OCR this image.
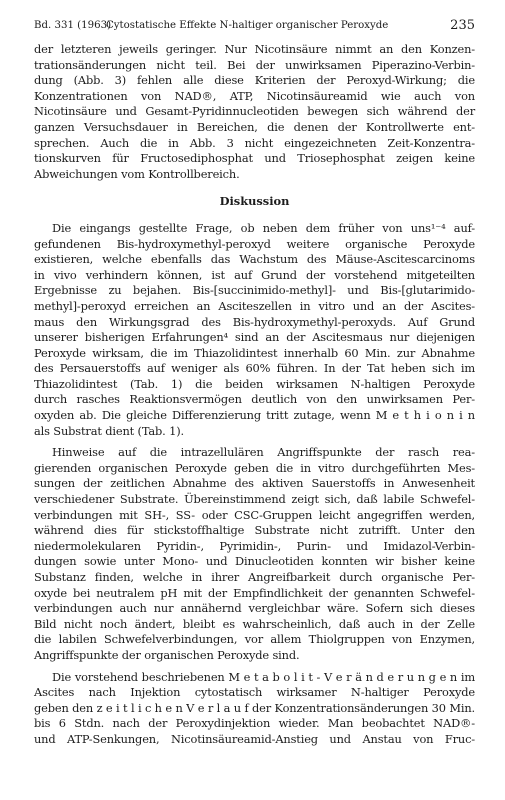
Bd. 331 (1963)
Cytostatische Effekte N-haltiger organischer Peroxyde	235
der letzteren jeweils geringer. Nur Nicotinsäure nimmt an den Konzen-
trationsänderungen nicht teil. Bei der unwirksamen Piperazino-Verbin-
dung (Abb. 3) fehlen alle diese Kriterien der Peroxyd-Wirkung; die
Konzentrationen von NAD®, ATP, Nicotinsäureamid wie auch von
Nicotinsäure und Gesamt-Pyridinnucleotiden bewegen sich während der
ganzen Versuchsdauer in Bereichen, die denen der Kontrollwerte ent-
sprechen. Auch die in Abb. 3 nicht eingezeichneten Zeit-Konzentra-
tionskurven für Fructosediphosphat und Triosephosphat zeigen keine
Abweichungen vom Kontrollbereich.
Diskussion
Die eingangs gestellte Frage, ob neben dem früher von uns¹⁻⁴ auf-
gefundenen Bis-hydroxymethyl-peroxyd weitere organische Peroxyde
existieren, welche ebenfalls das Wachstum des Mäuse-Ascitescarcinoms
in vivo verhindern können, ist auf Grund der vorstehend mitgeteilten
Ergebnisse zu bejahen. Bis-[succinimido-methyl]- und Bis-[glutarimido-
methyl]-peroxyd erreichen an Asciteszellen in vitro und an der Ascites-
maus den Wirkungsgrad des Bis-hydroxymethyl-peroxyds. Auf Grund
unserer bisherigen Erfahrungen⁴ sind an der Ascitesmaus nur diejenigen
Peroxyde wirksam, die im Thiazolidintest innerhalb 60 Min. zur Abnahme
des Persauerstoffs auf weniger als 60% führen. In der Tat heben sich im
Thiazolidintest (Tab. 1) die beiden wirksamen N-haltigen Peroxyde
durch rasches Reaktionsvermögen deutlich von den unwirksamen Per-
oxyden ab. Die gleiche Differenzierung tritt zutage, wenn M e t h i o n i n
als Substrat dient (Tab. 1).
Hinweise auf die intrazellulären Angriffspunkte der rasch rea-
gierenden organischen Peroxyde geben die in vitro durchgeführten Mes-
sungen der zeitlichen Abnahme des aktiven Sauerstoffs in Anwesenheit
verschiedener Substrate. Übereinstimmend zeigt sich, daß labile Schwefel-
verbindungen mit SH-, SS- oder CSC-Gruppen leicht angegriffen werden,
während dies für stickstoffhaltige Substrate nicht zutrifft. Unter den
niedermolekularen Pyridin-, Pyrimidin-, Purin- und Imidazol-Verbin-
dungen sowie unter Mono- und Dinucleotiden konnten wir bisher keine
Substanz finden, welche in ihrer Angreifbarkeit durch organische Per-
oxyde bei neutralem pH mit der Empfindlichkeit der genannten Schwefel-
verbindungen auch nur annähernd vergleichbar wäre. Sofern sich dieses
Bild nicht noch ändert, bleibt es wahrscheinlich, daß auch in der Zelle
die labilen Schwefelverbindungen, vor allem Thiolgruppen von Enzymen,
Angriffspunkte der organischen Peroxyde sind.
Die vorstehend beschriebenen M e t a b o l i t - V e r ä n d e r u n g e n im
Ascites nach Injektion cytostatisch wirksamer N-haltiger Peroxyde
geben den z e i t l i c h e n V e r l a u f der Konzentrationsänderungen 30 Min.
bis 6 Stdn. nach der Peroxydinjektion wieder. Man beobachtet NAD®-
und ATP-Senkungen, Nicotinsäureamid-Anstieg und Anstau von Fruc-
